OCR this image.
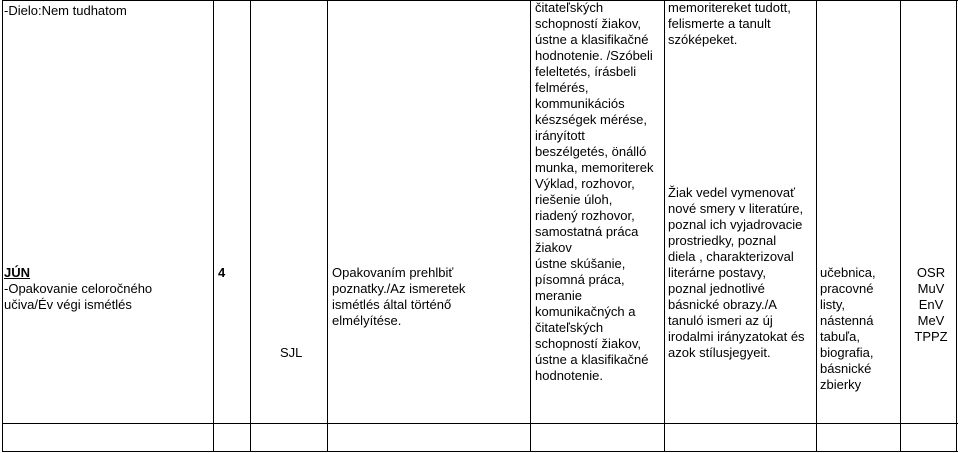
-Dielo:Nem tudhatom
JÚN
-Opakovanie celoročného
učiva/Év végi ismétlés
4
SJL
Opakovaním prehlbiť
poznatky./Az ismeretek
ismétlés által történő
elmélyítése.
čitateľských
schopností žiakov,
ústne a klasifikačné
hodnotenie. /Szóbeli
feleltetés, írásbeli
felmérés,
kommunikációs
készségek mérése,
irányított
beszélgetés, önálló
munka, memoriterek
Výklad, rozhovor,
riešenie úloh,
riadený rozhovor,
samostatná práca
žiakov
ústne skúšanie,
písomná práca,
meranie
komunikačných a
čitateľských
schopností žiakov,
ústne a klasifikačné
hodnotenie.
memoritereket tudott,
felismerte a tanult
szóképeket.
Žiak vedel vymenovať
nové smery v literatúre,
poznal ich vyjadrovacie
prostriedky, poznal
diela , charakterizoval
literárne postavy,
poznal jednotlivé
básnické obrazy./A
tanuló ismeri az új
irodalmi irányzatokat és
azok stílusjegyeit.
učebnica,
pracovné
listy,
nástenná
tabuľa,
biografia,
básnické
zbierky
OSR
MuV
EnV
MeV
TPPZ
